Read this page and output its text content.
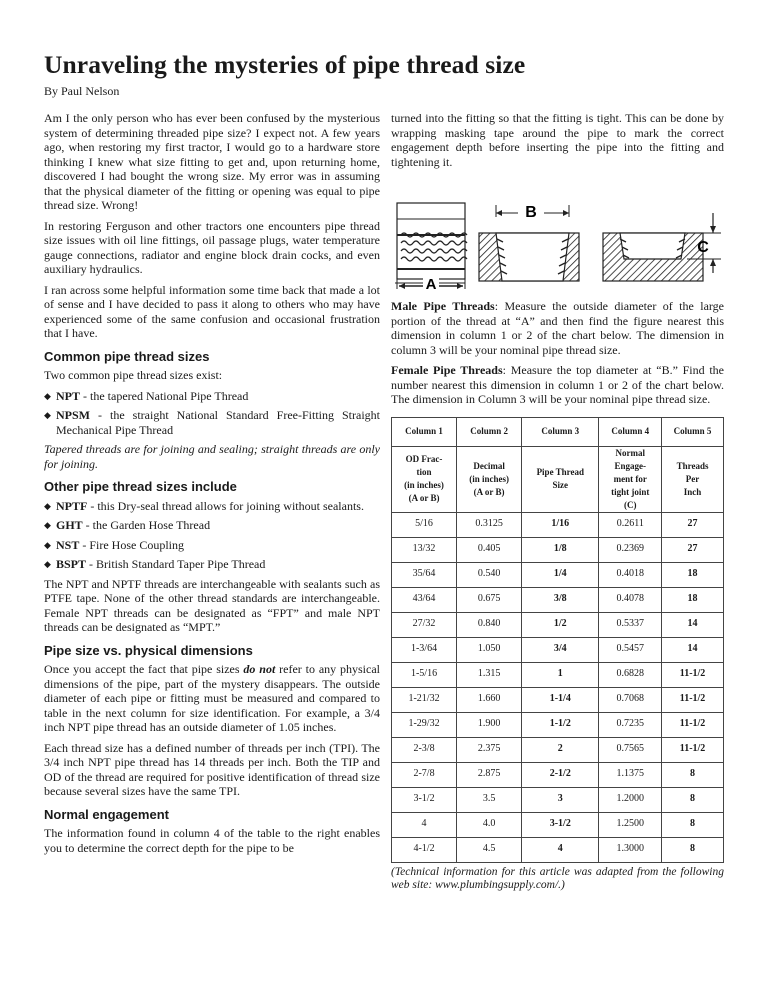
Unraveling the mysteries of pipe thread size
By Paul Nelson

Am I the only person who has ever been confused by the mysterious system of determining threaded pipe size? I expect not. A few years ago, when restoring my first tractor, I would go to a hardware store thinking I knew what size fitting to get and, upon returning home, discovered I had bought the wrong size. My error was in assuming that the physical diameter of the fitting or opening was equal to pipe thread size. Wrong!

In restoring Ferguson and other tractors one encounters pipe thread size issues with oil line fittings, oil passage plugs, water temperature gauge connections, radiator and engine block drain cocks, and even auxiliary hydraulics.

I ran across some helpful information some time back that made a lot of sense and I have decided to pass it along to others who may have experienced some of the same confusion and occasional frustration that I have.

Common pipe thread sizes

Two common pipe thread sizes exist:

◆ NPT - the tapered National Pipe Thread
◆ NPSM - the straight National Standard Free-Fitting Straight Mechanical Pipe Thread

Tapered threads are for joining and sealing; straight threads are only for joining.

Other pipe thread sizes include
◆ NPTF - this Dry-seal thread allows for joining without sealants.
◆ GHT - the Garden Hose Thread
◆ NST - Fire Hose Coupling
◆ BSPT - British Standard Taper Pipe Thread

The NPT and NPTF threads are interchangeable with sealants such as PTFE tape. None of the other thread standards are interchangeable. Female NPT threads can be designated as “FPT” and male NPT threads can be designated as “MPT.”

Pipe size vs. physical dimensions

Once you accept the fact that pipe sizes do not refer to any physical dimensions of the pipe, part of the mystery disappears. The outside diameter of each pipe or fitting must be measured and compared to table in the next column for size identification. For example, a 3/4 inch NPT pipe thread has an outside diameter of 1.05 inches.

Each thread size has a defined number of threads per inch (TPI). The 3/4 inch NPT pipe thread has 14 threads per inch. Both the TIP and OD of the thread are required for positive identification of thread size because several sizes have the same TPI.

Normal engagement

The information found in column 4 of the table to the right enables you to determine the correct depth for the pipe to be

turned into the fitting so that the fitting is tight. This can be done by wrapping masking tape around the pipe to mark the correct engagement depth before inserting the pipe into the fitting and tightening it.

A
B
C

Male Pipe Threads: Measure the outside diameter of the large portion of the thread at “A” and then find the figure nearest this dimension in column 1 or 2 of the chart below. The dimension in column 3 will be your nominal pipe thread size.

Female Pipe Threads: Measure the top diameter at “B.” Find the number nearest this dimension in column 1 or 2 of the chart below. The dimension in Column 3 will be your nominal pipe thread size.

Column 1	Column 2	Column 3	Column 4	Column 5
OD Frac-
tion
(in inches)
(A or B)	Decimal
(in inches)
(A or B)	Pipe Thread
Size	Normal
Engage-
ment for
tight joint
(C)	Threads
Per
Inch
5/16	0.3125	1/16	0.2611	27
13/32	0.405	1/8	0.2369	27
35/64	0.540	1/4	0.4018	18
43/64	0.675	3/8	0.4078	18
27/32	0.840	1/2	0.5337	14
1-3/64	1.050	3/4	0.5457	14
1-5/16	1.315	1	0.6828	11-1/2
1-21/32	1.660	1-1/4	0.7068	11-1/2
1-29/32	1.900	1-1/2	0.7235	11-1/2
2-3/8	2.375	2	0.7565	11-1/2
2-7/8	2.875	2-1/2	1.1375	8
3-1/2	3.5	3	1.2000	8
4	4.0	3-1/2	1.2500	8
4-1/2	4.5	4	1.3000	8

(Technical information for this article was adapted from the following web site: www.plumbingsupply.com/.)
